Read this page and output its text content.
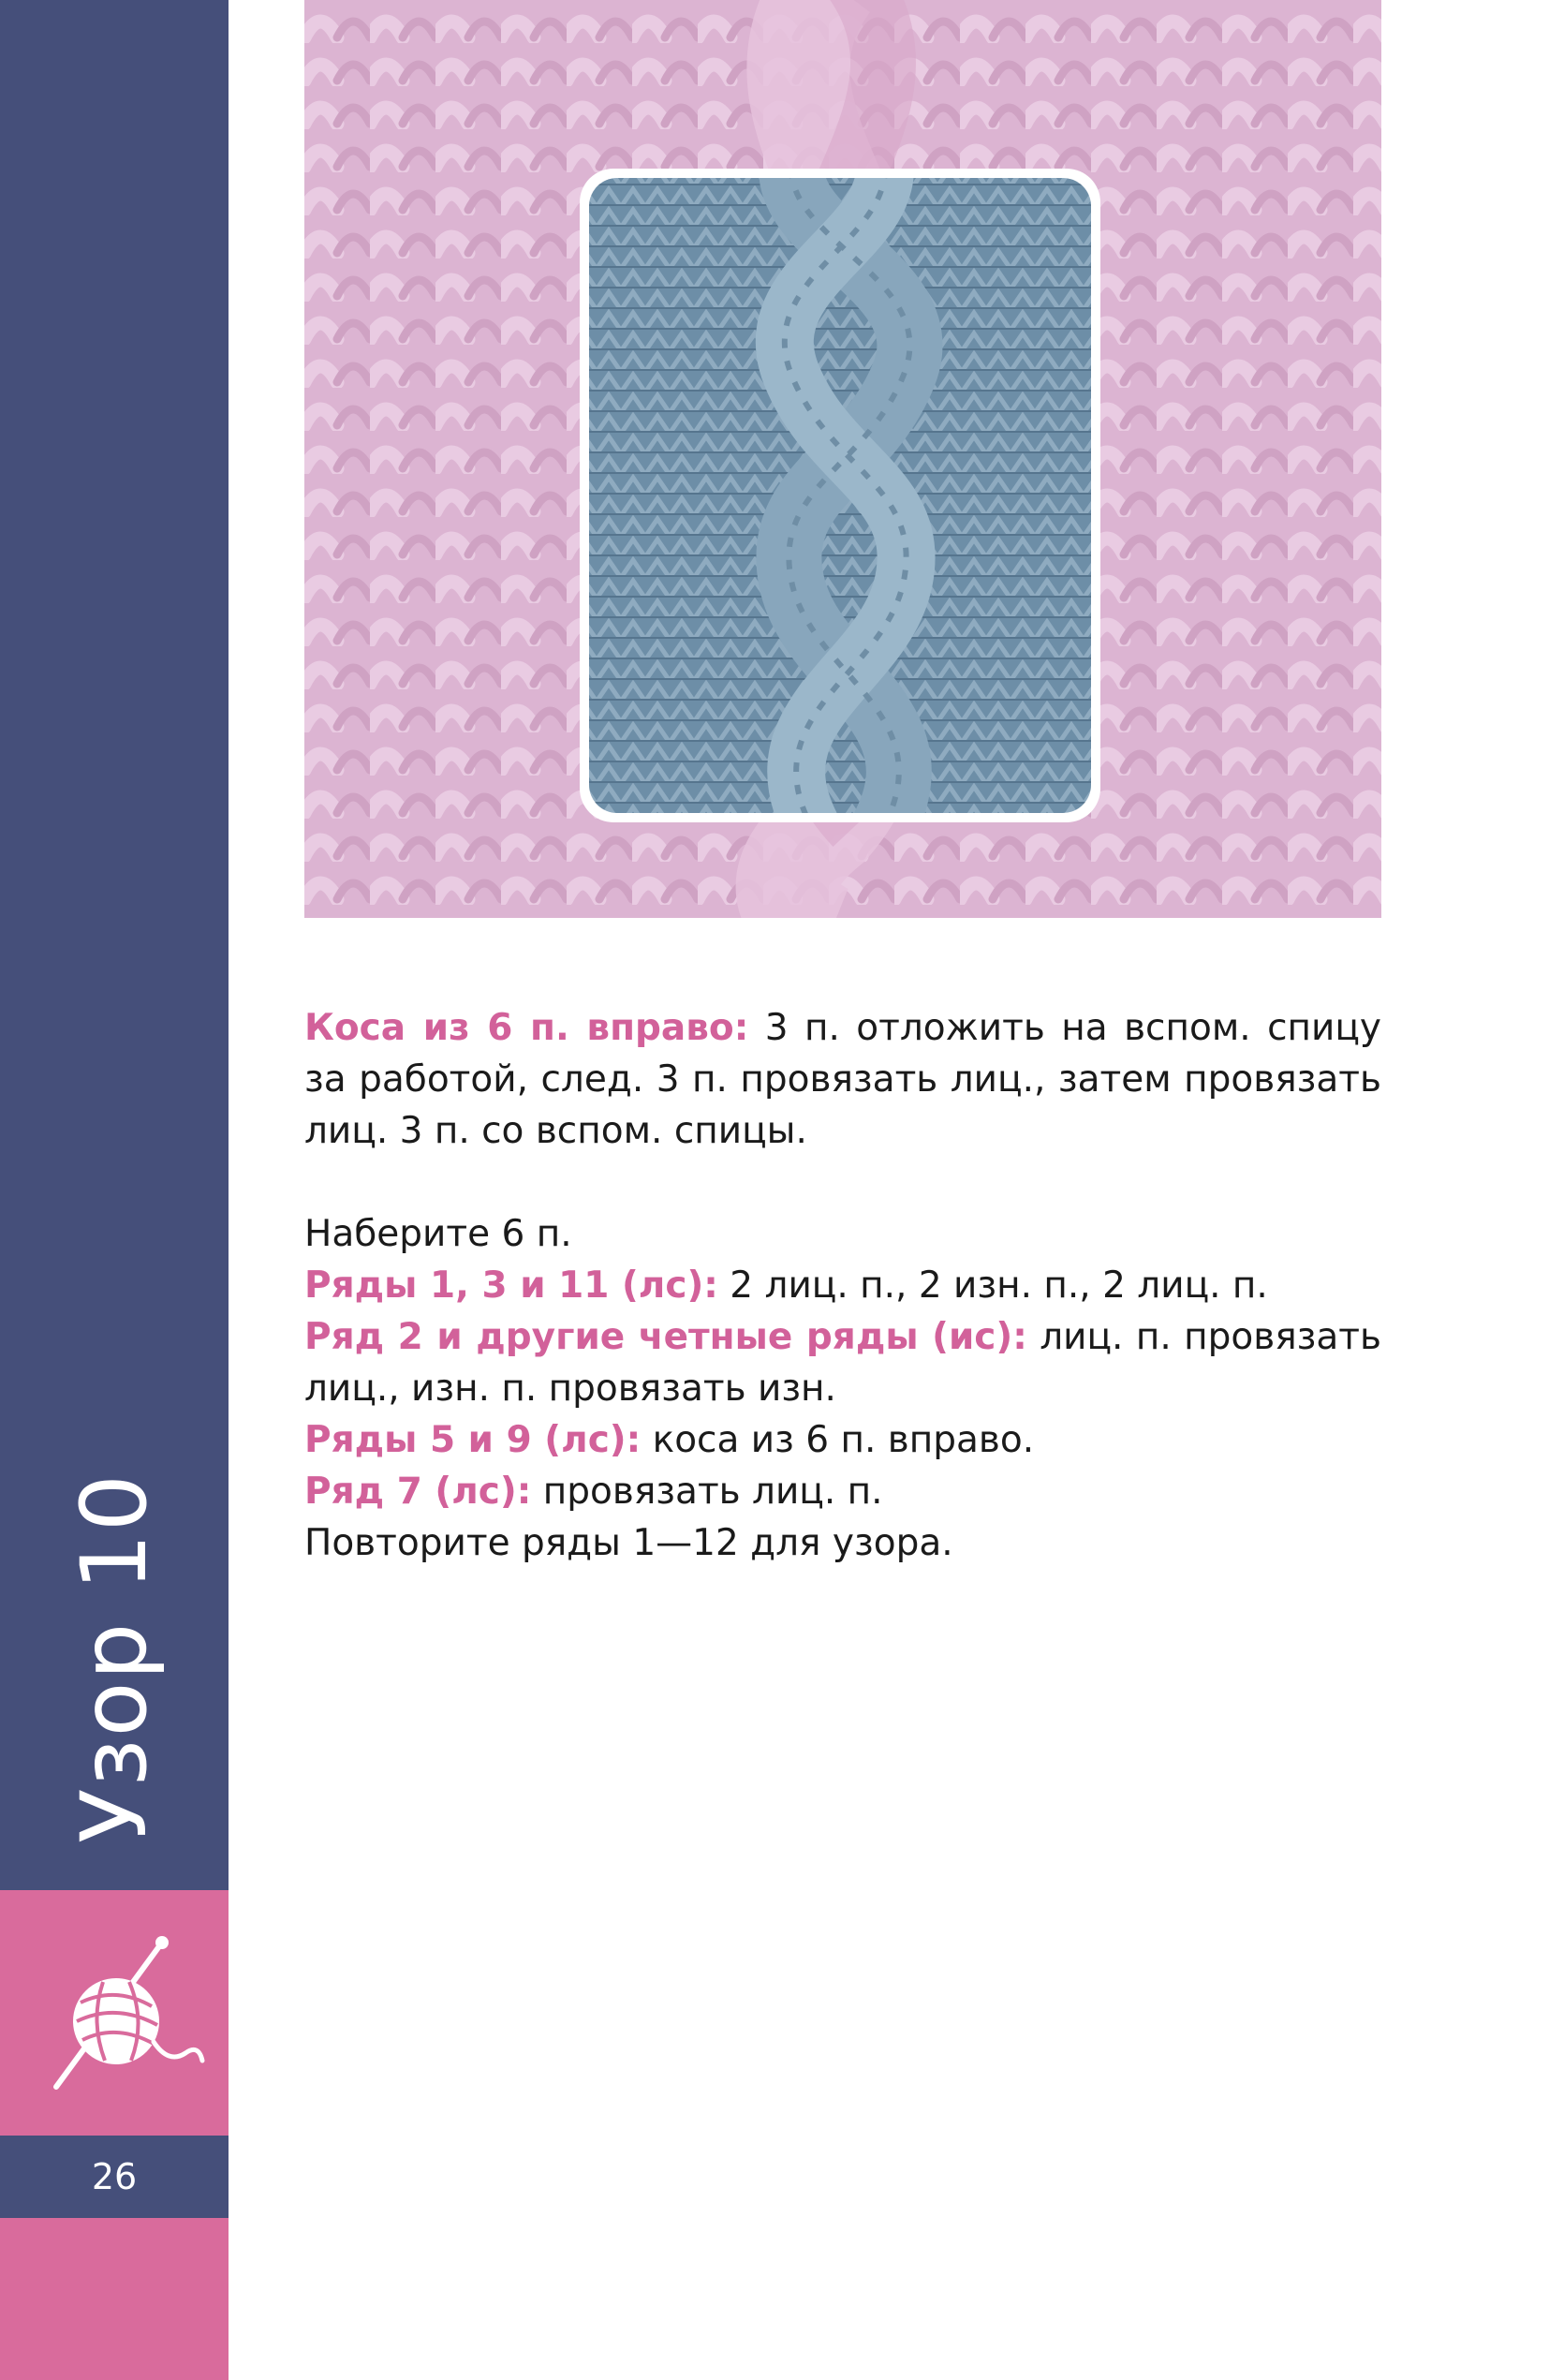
Узор 10
26

Коса из 6 п. вправо: 3 п. отложить на вспом. спицу за работой, след. 3 п. провязать лиц., затем провязать лиц. 3 п. со вспом. спицы.

Наберите 6 п.

Ряды 1, 3 и 11 (лс): 2 лиц. п., 2 изн. п., 2 лиц. п.

Ряд 2 и другие четные ряды (ис): лиц. п. провязать лиц., изн. п. провязать изн.

Ряды 5 и 9 (лс): коса из 6 п. вправо.

Ряд 7 (лс): провязать лиц. п.

Повторите ряды 1—12 для узора.
